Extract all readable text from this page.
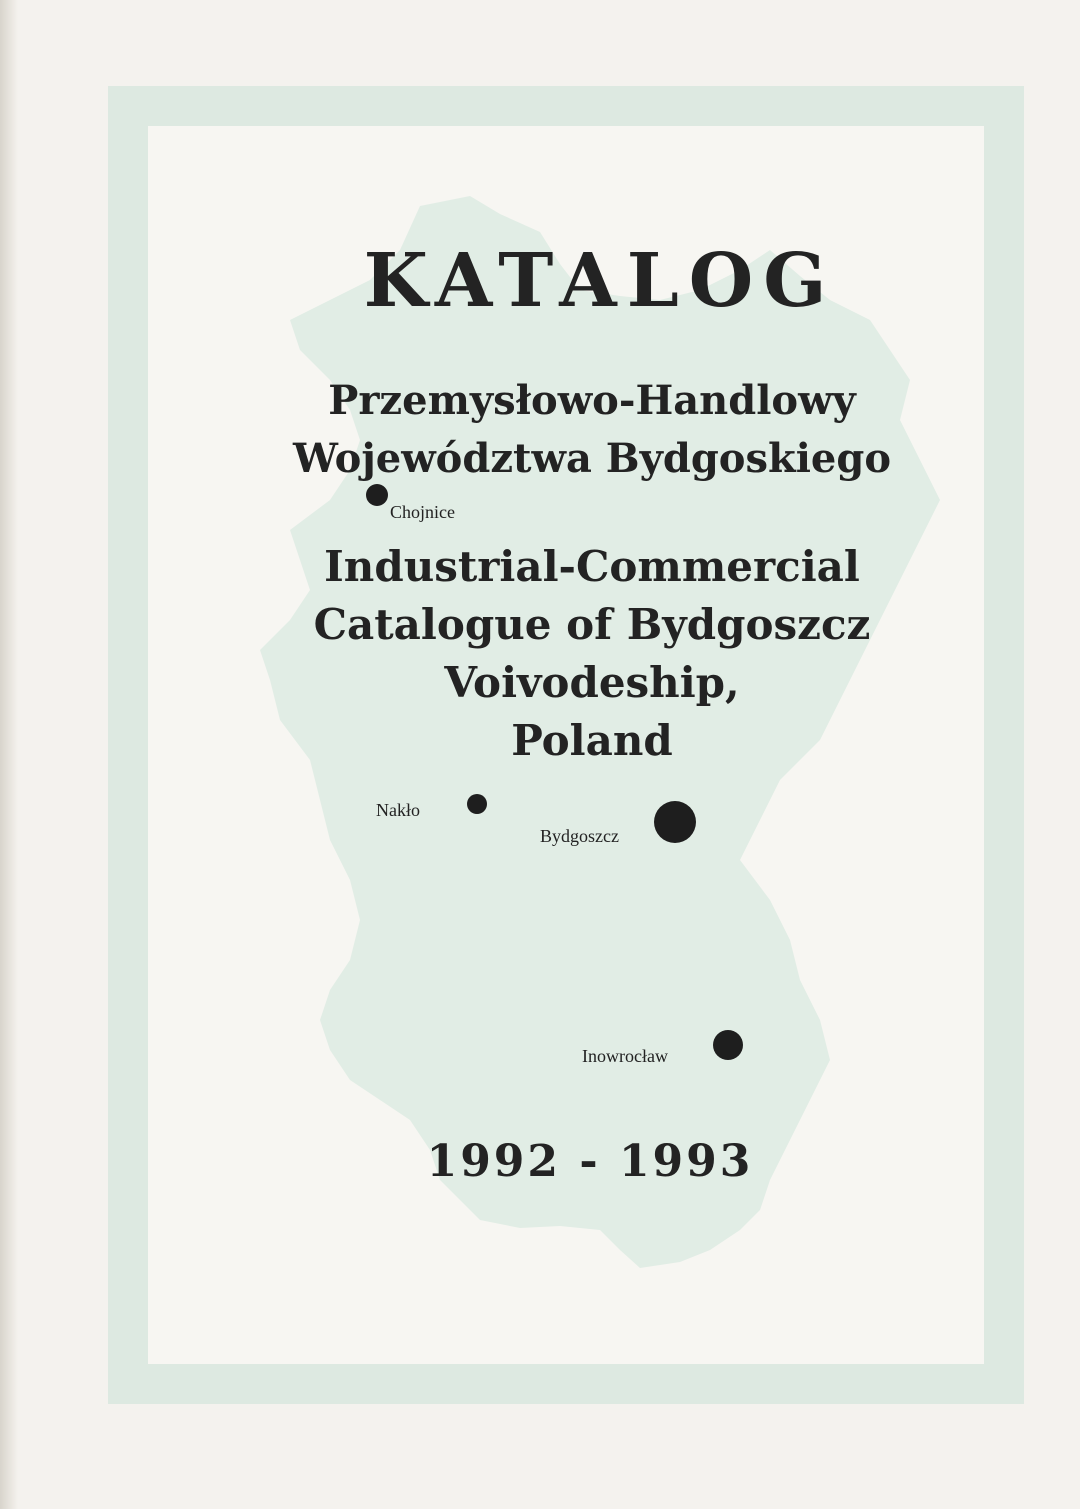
KATALOG
Przemysłowo-Handlowy
Województwa Bydgoskiego
Industrial-Commercial
Catalogue of Bydgoszcz
Voivodeship,
Poland
Chojnice
Nakło
Bydgoszcz
Inowrocław
1992 - 1993
